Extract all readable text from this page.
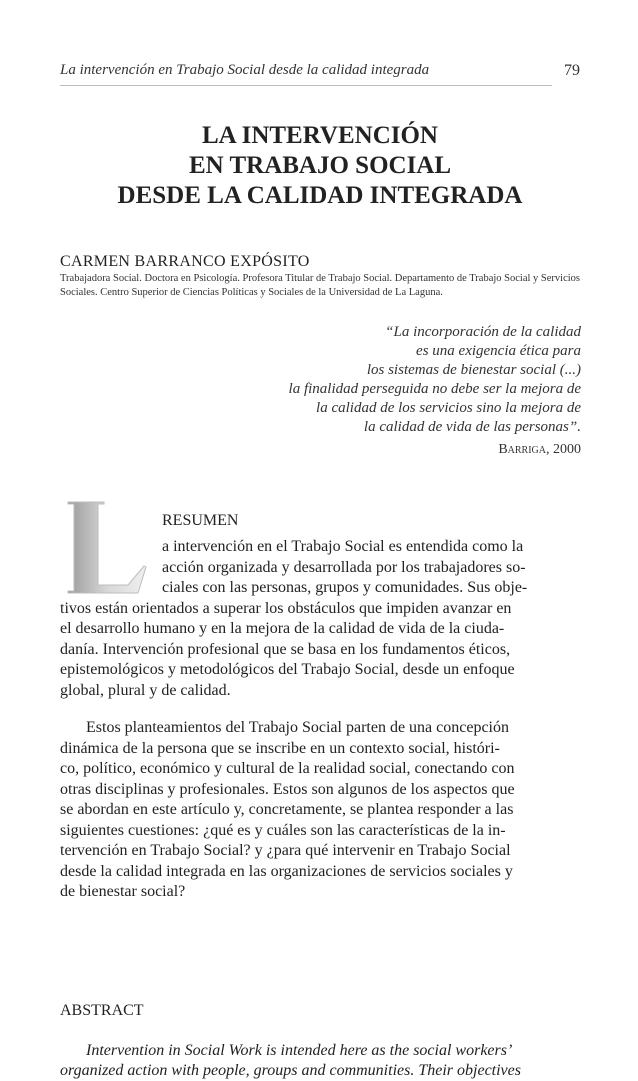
La intervención en Trabajo Social desde la calidad integrada	79
LA INTERVENCIÓN
EN TRABAJO SOCIAL
DESDE LA CALIDAD INTEGRADA
CARMEN BARRANCO EXPÓSITO
Trabajadora Social. Doctora en Psicología. Profesora Titular de Trabajo Social. Departamento de Trabajo Social y Servicios Sociales. Centro Superior de Ciencias Políticas y Sociales de la Universidad de La Laguna.
“La incorporación de la calidad
es una exigencia ética para
los sistemas de bienestar social (...)
la finalidad perseguida no debe ser la mejora de
la calidad de los servicios sino la mejora de
la calidad de vida de las personas”.
Barriga, 2000
RESUMEN
a intervención en el Trabajo Social es entendida como la
acción organizada y desarrollada por los trabajadores so-
ciales con las personas, grupos y comunidades. Sus obje-
tivos están orientados a superar los obstáculos que impiden avanzar en
el desarrollo humano y en la mejora de la calidad de vida de la ciuda-
danía. Intervención profesional que se basa en los fundamentos éticos,
epistemológicos y metodológicos del Trabajo Social, desde un enfoque
global, plural y de calidad.
Estos planteamientos del Trabajo Social parten de una concepción
dinámica de la persona que se inscribe en un contexto social, históri-
co, político, económico y cultural de la realidad social, conectando con
otras disciplinas y profesionales. Estos son algunos de los aspectos que
se abordan en este artículo y, concretamente, se plantea responder a las
siguientes cuestiones: ¿qué es y cuáles son las características de la in-
tervención en Trabajo Social? y ¿para qué intervenir en Trabajo Social
desde la calidad integrada en las organizaciones de servicios sociales y
de bienestar social?
ABSTRACT
Intervention in Social Work is intended here as the social workers’
organized action with people, groups and communities. Their objectives
